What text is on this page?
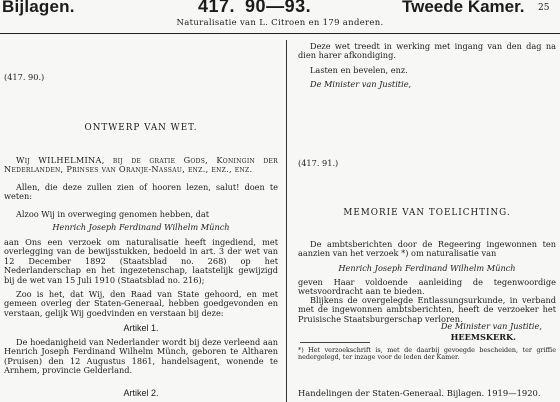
Bijlagen.	417. 90—93.	Tweede Kamer. 25
Naturalisatie van L. Citroen en 179 anderen.
(417. 90.)
ONTWERP VAN WET.
Wij WILHELMINA, bij de gratie Gods, Koningin der Nederlanden, Prinses van Oranje-Nassau, enz., enz., enz.
Allen, die deze zullen zien of hooren lezen, salut! doen te weten:
Alzoo Wij in overweging genomen hebben, dat
Henrich Joseph Ferdinand Wilhelm Münch
aan Ons een verzoek om naturalisatie heeft ingediend, met overlegging van de bewijsstukken, bedoeld in art. 3 der wet van 12 December 1892 (Staatsblad no. 268) op het Nederlanderschap en het ingezetenschap, laatstelijk gewijzigd bij de wet van 15 Juli 1910 (Staatsblad no. 216);
Zoo is het, dat Wij, den Raad van State gehoord, en met gemeen overleg der Staten-Generaal, hebben goedgevonden en verstaan, gelijk Wij goedvinden en verstaan bij deze:
Artikel 1.
De hoedanigheid van Nederlander wordt bij deze verleend aan Henrich Joseph Ferdinand Wilhelm Münch, geboren te Altharen (Pruisen) den 12 Augustus 1861, handelsagent, wonende te Arnhem, provincie Gelderland.
Artikel 2.
Deze wet treedt in werking met ingang van den dag na dien harer afkondiging.
Lasten en bevelen, enz.
De Minister van Justitie,
(417. 91.)
MEMORIE VAN TOELICHTING.
De ambtsberichten door de Regeering ingewonnen ten aanzien van het verzoek *) om naturalisatie van
Henrich Joseph Ferdinand Wilhelm Münch
geven Haar voldoende aanleiding de tegenwoordige wetsvoordracht aan te bieden.
Blijkens de overgelegde Entlassungsurkunde, in verband met de ingewonnen ambtsberichten, heeft de verzoeker het Pruisische Staatsburgerschap verloren.
De Minister van Justitie,
HEEMSKERK.
*) Het verzoekschrift is, met de daarbij gevoegde bescheiden, ter griffie nedergelegd, ter inzage voor de leden der Kamer.
Handelingen der Staten-Generaal. Bijlagen. 1919—1920.
